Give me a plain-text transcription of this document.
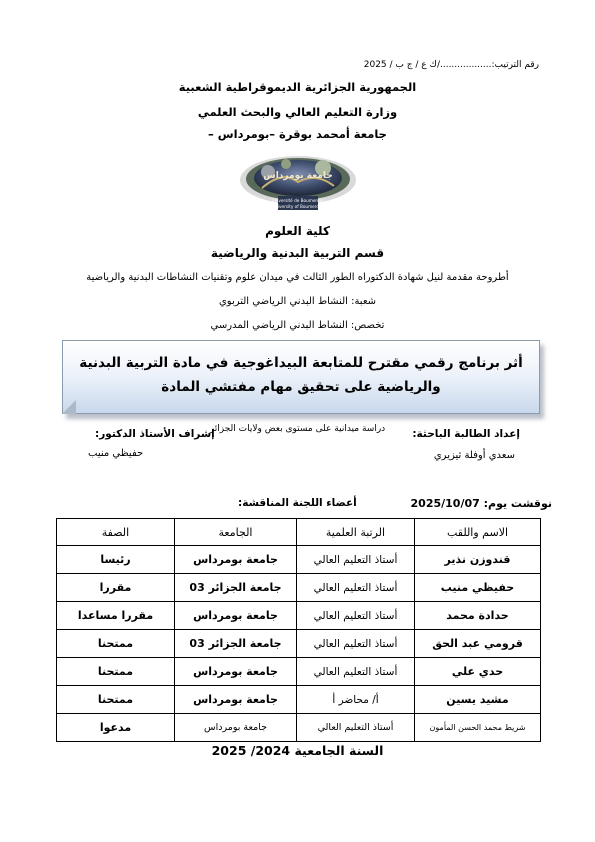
رقم الترتيب:................../ك ع / ج ب / 2025
الجمهورية الجزائرية الديموقراطية الشعبية
وزارة التعليم العالي والبحث العلمي
جامعة أمحمد بوقرة –بومرداس –
جامعة بومرداس
Université de Boumerdès
University of Boumerdès
كلية العلوم
قسم التربية البدنية والرياضية
أطروحة مقدمة لنيل شهادة الدكتوراه الطور الثالث في ميدان علوم وتقنيات النشاطات البدنية والرياضية
شعبة: النشاط البدني الرياضي التربوي
تخصص: النشاط البدني الرياضي المدرسي
أثر برنامج رقمي مقترح للمتابعة البيداغوجية في مادة التربية البدنية
والرياضية على تحقيق مهام مفتشي المادة
دراسة ميدانية على مستوى بعض ولايات الجزائر	إعداد الطالبة الباحثة:
إشراف الأستاذ الدكتور:
سعدي أوفلة ثيزيري
حفيظي منيب
نوقشت يوم: 2025/10/07
أعضاء اللجنة المناقشة:
الاسم واللقب	الرتبة العلمية	الجامعة	الصفة
قندوزن نذير	أستاذ التعليم العالي	جامعة بومرداس	رئيسا
حفيظي منيب	أستاذ التعليم العالي	جامعة الجزائر 03	مقررا
حدادة محمد	أستاذ التعليم العالي	جامعة بومرداس	مقررا مساعدا
قرومي عبد الحق	أستاذ التعليم العالي	جامعة الجزائر 03	ممتحنا
حدي علي	أستاذ التعليم العالي	جامعة بومرداس	ممتحنا
مشيد يسين	أ/ محاضر أ	جامعة بومرداس	ممتحنا
شريط محمد الحسن المأمون	أستاذ التعليم العالي	جامعة بومرداس	مدعوا
السنة الجامعية 2024/ 2025
